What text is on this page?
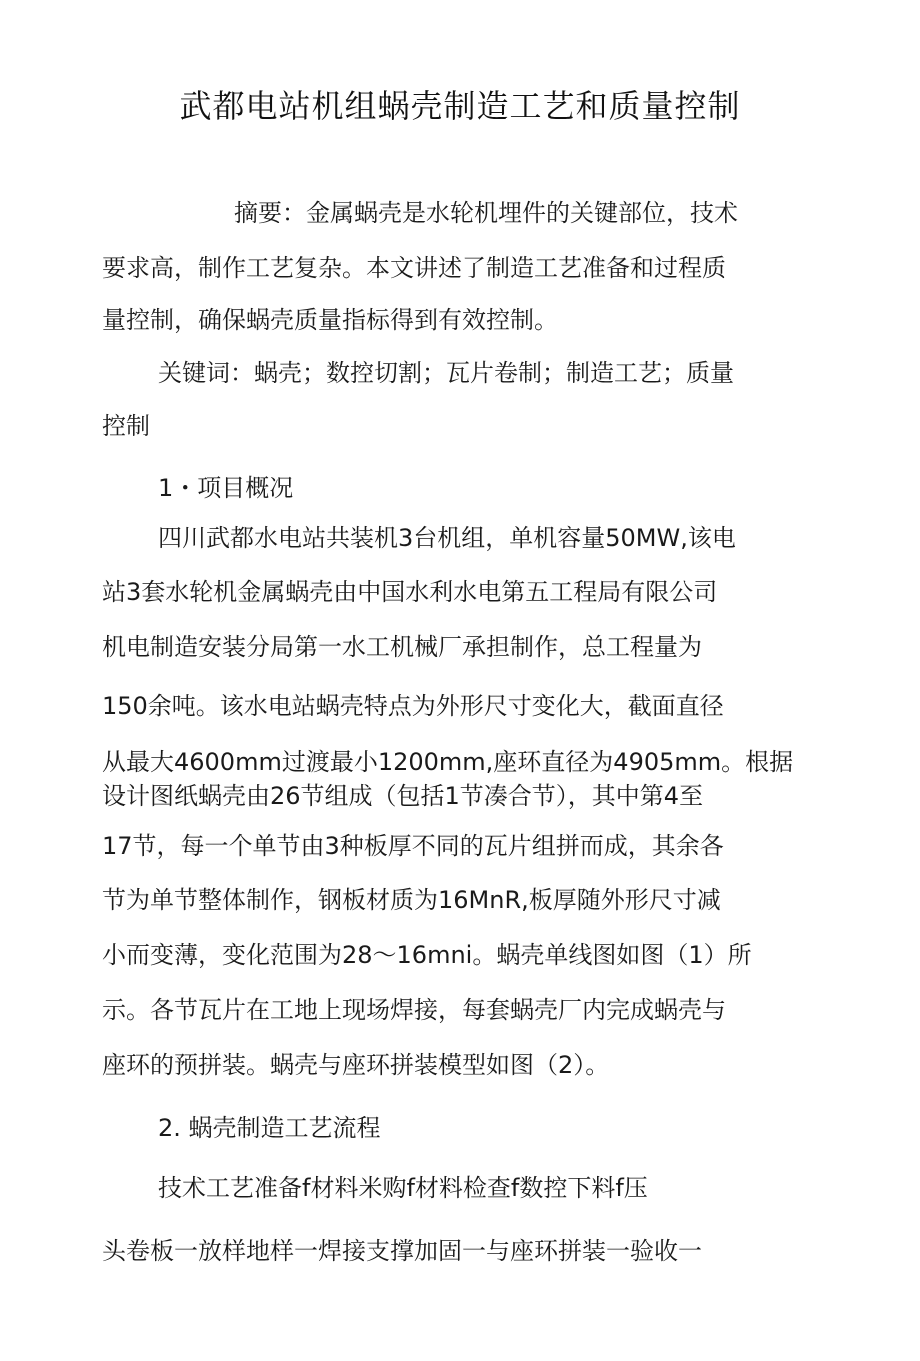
武都电站机组蜗壳制造工艺和质量控制
摘要：金属蜗壳是水轮机埋件的关键部位，技术
要求高，制作工艺复杂。本文讲述了制造工艺准备和过程质
量控制，确保蜗壳质量指标得到有效控制。
关键词：蜗壳；数控切割；瓦片卷制；制造工艺；质量
控制
1・项目概况
四川武都水电站共装机3台机组，单机容量50MW,该电
站3套水轮机金属蜗壳由中国水利水电第五工程局有限公司
机电制造安装分局第一水工机械厂承担制作，总工程量为
150余吨。该水电站蜗壳特点为外形尺寸变化大，截面直径
从最大4600mm过渡最小1200mm,座环直径为4905mm。根据
设计图纸蜗壳由26节组成（包括1节凑合节），其中第4至
17节，每一个单节由3种板厚不同的瓦片组拼而成，其余各
节为单节整体制作，钢板材质为16MnR,板厚随外形尺寸减
小而变薄，变化范围为28～16mni。蜗壳单线图如图（1）所
示。各节瓦片在工地上现场焊接，每套蜗壳厂内完成蜗壳与
座环的预拼装。蜗壳与座环拼装模型如图（2）。
2. 蜗壳制造工艺流程
技术工艺准备f材料米购f材料检查f数控下料f压
头卷板一放样地样一焊接支撑加固一与座环拼装一验收一
